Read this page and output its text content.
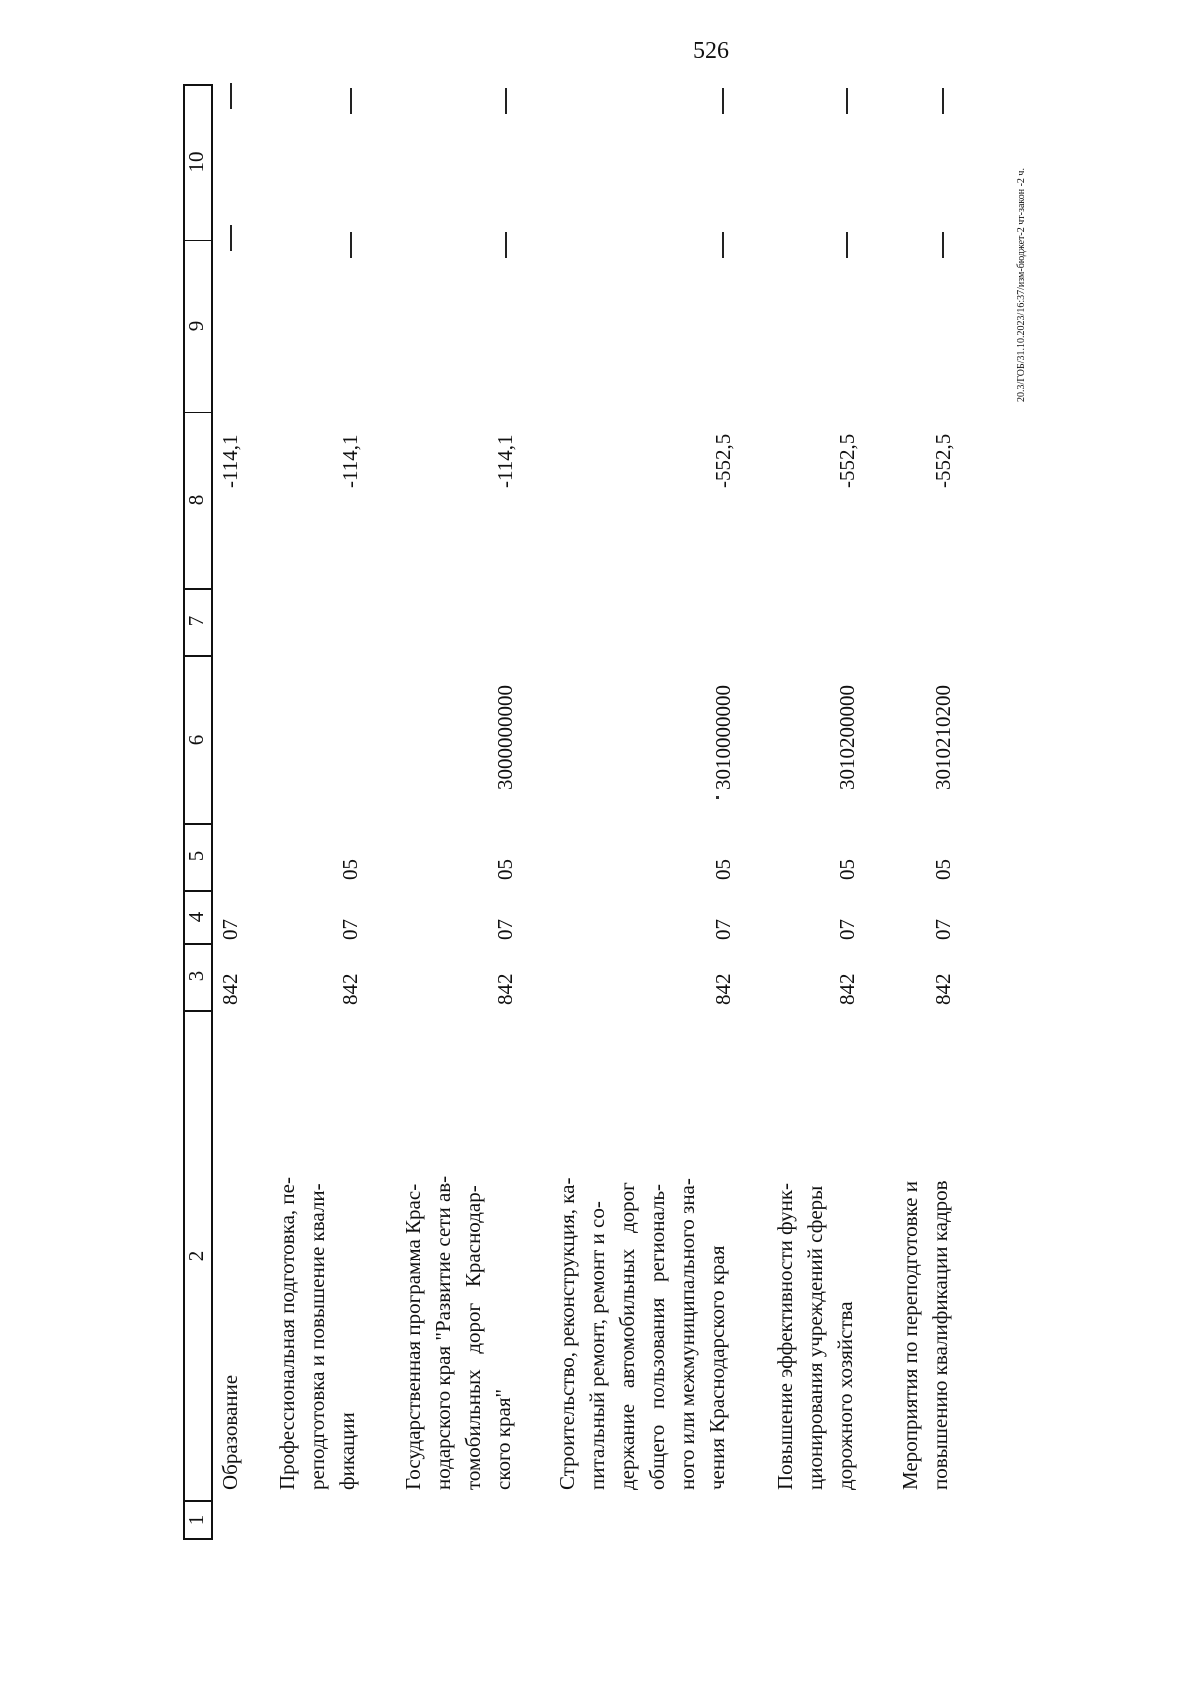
526
20.3/ГОБ/31.10.2023/16:37/изм-бюджет-2 чт-закон -2 ч.
10
9
8
7
6
5
4
3
2
1
Образование
842
07
-114,1
Профессиональная подготовка, пе-
реподготовка и повышение квали-
фикации
842
07
05
-114,1
Государственная программа Крас-
нодарского края "Развитие сети ав-
томобильных   дорог   Краснодар-
ского края"
842
07
05
3000000000
-114,1
Строительство, реконструкция, ка-
питальный ремонт, ремонт и со-
держание   автомобильных   дорог
общего   пользования   региональ-
ного или межмуниципального зна-
чения Краснодарского края
842
07
05
3010000000
-552,5
Повышение эффективности функ-
ционирования учреждений сферы
дорожного хозяйства
842
07
05
3010200000
-552,5
Мероприятия по переподготовке и
повышению квалификации кадров
842
07
05
3010210200
-552,5
